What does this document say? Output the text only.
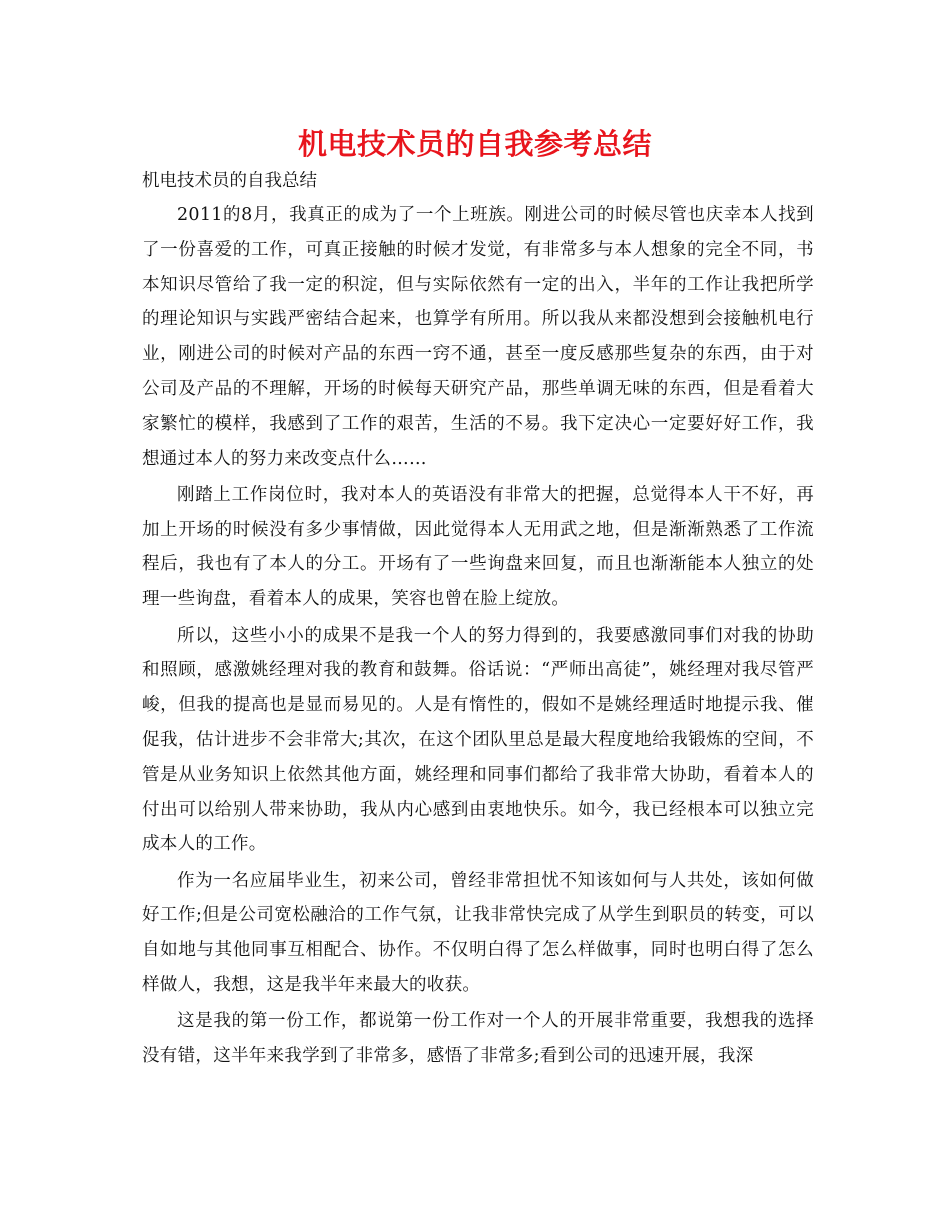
机电技术员的自我参考总结

机电技术员的自我总结

2011的8月，我真正的成为了一个上班族。刚进公司的时候尽管也庆幸本人找到了一份喜爱的工作，可真正接触的时候才发觉，有非常多与本人想象的完全不同，书本知识尽管给了我一定的积淀，但与实际依然有一定的出入，半年的工作让我把所学的理论知识与实践严密结合起来，也算学有所用。所以我从来都没想到会接触机电行业，刚进公司的时候对产品的东西一窍不通，甚至一度反感那些复杂的东西，由于对公司及产品的不理解，开场的时候每天研究产品，那些单调无味的东西，但是看着大家繁忙的模样，我感到了工作的艰苦，生活的不易。我下定决心一定要好好工作，我想通过本人的努力来改变点什么……

刚踏上工作岗位时，我对本人的英语没有非常大的把握，总觉得本人干不好，再加上开场的时候没有多少事情做，因此觉得本人无用武之地，但是渐渐熟悉了工作流程后，我也有了本人的分工。开场有了一些询盘来回复，而且也渐渐能本人独立的处理一些询盘，看着本人的成果，笑容也曾在脸上绽放。

所以，这些小小的成果不是我一个人的努力得到的，我要感激同事们对我的协助和照顾，感激姚经理对我的教育和鼓舞。俗话说：“严师出高徒”，姚经理对我尽管严峻，但我的提高也是显而易见的。人是有惰性的，假如不是姚经理适时地提示我、催促我，估计进步不会非常大;其次，在这个团队里总是最大程度地给我锻炼的空间，不管是从业务知识上依然其他方面，姚经理和同事们都给了我非常大协助，看着本人的付出可以给别人带来协助，我从内心感到由衷地快乐。如今，我已经根本可以独立完成本人的工作。

作为一名应届毕业生，初来公司，曾经非常担忧不知该如何与人共处，该如何做好工作;但是公司宽松融洽的工作气氛，让我非常快完成了从学生到职员的转变，可以自如地与其他同事互相配合、协作。不仅明白得了怎么样做事，同时也明白得了怎么样做人，我想，这是我半年来最大的收获。

这是我的第一份工作，都说第一份工作对一个人的开展非常重要，我想我的选择没有错，这半年来我学到了非常多，感悟了非常多;看到公司的迅速开展，我深
